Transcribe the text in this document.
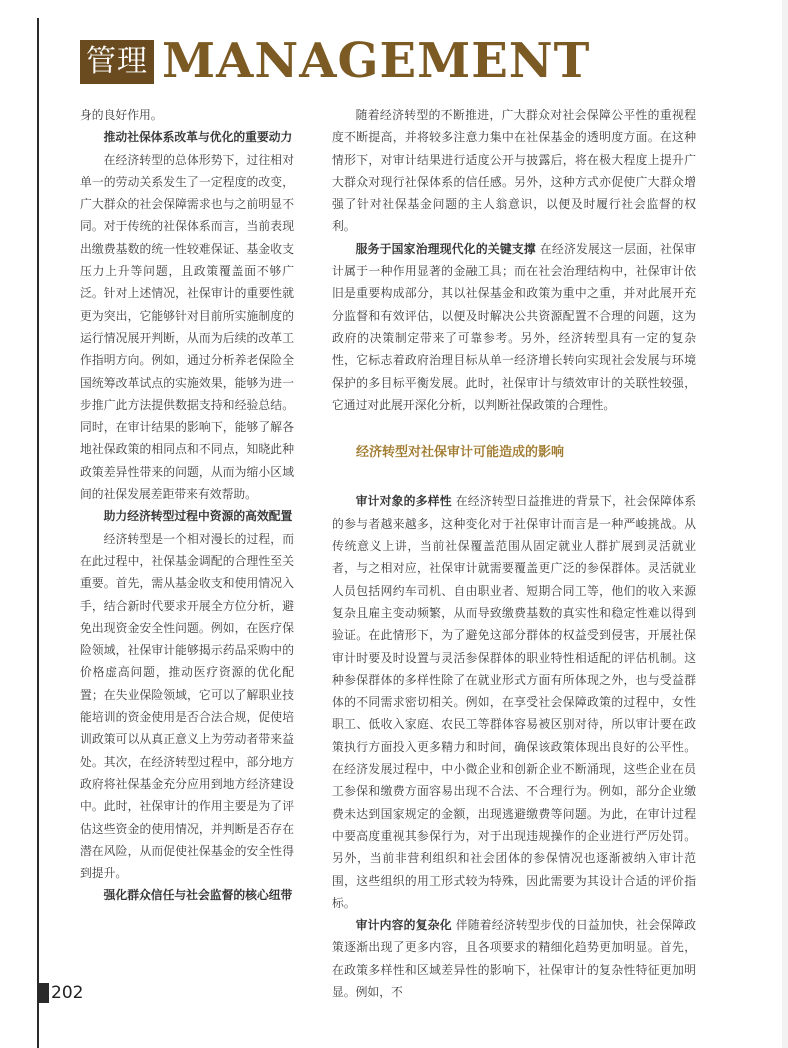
管理 MANAGEMENT

身的良好作用。

推动社保体系改革与优化的重要动力

在经济转型的总体形势下，过往相对单一的劳动关系发生了一定程度的改变，广大群众的社会保障需求也与之前明显不同。对于传统的社保体系而言，当前表现出缴费基数的统一性较难保证、基金收支压力上升等问题，且政策覆盖面不够广泛。针对上述情况，社保审计的重要性就更为突出，它能够针对目前所实施制度的运行情况展开判断，从而为后续的改革工作指明方向。例如，通过分析养老保险全国统筹改革试点的实施效果，能够为进一步推广此方法提供数据支持和经验总结。同时，在审计结果的影响下，能够了解各地社保政策的相同点和不同点，知晓此种政策差异性带来的问题，从而为缩小区域间的社保发展差距带来有效帮助。

助力经济转型过程中资源的高效配置

经济转型是一个相对漫长的过程，而在此过程中，社保基金调配的合理性至关重要。首先，需从基金收支和使用情况入手，结合新时代要求开展全方位分析，避免出现资金安全性问题。例如，在医疗保险领域，社保审计能够揭示药品采购中的价格虚高问题，推动医疗资源的优化配置；在失业保险领域，它可以了解职业技能培训的资金使用是否合法合规，促使培训政策可以从真正意义上为劳动者带来益处。其次，在经济转型过程中，部分地方政府将社保基金充分应用到地方经济建设中。此时，社保审计的作用主要是为了评估这些资金的使用情况，并判断是否存在潜在风险，从而促使社保基金的安全性得到提升。

强化群众信任与社会监督的核心纽带

随着经济转型的不断推进，广大群众对社会保障公平性的重视程度不断提高，并将较多注意力集中在社保基金的透明度方面。在这种情形下，对审计结果进行适度公开与披露后，将在极大程度上提升广大群众对现行社保体系的信任感。另外，这种方式亦促使广大群众增强了针对社保基金问题的主人翁意识，以便及时履行社会监督的权利。

服务于国家治理现代化的关键支撑 在经济发展这一层面，社保审计属于一种作用显著的金融工具；而在社会治理结构中，社保审计依旧是重要构成部分，其以社保基金和政策为重中之重，并对此展开充分监督和有效评估，以便及时解决公共资源配置不合理的问题，这为政府的决策制定带来了可靠参考。另外，经济转型具有一定的复杂性，它标志着政府治理目标从单一经济增长转向实现社会发展与环境保护的多目标平衡发展。此时，社保审计与绩效审计的关联性较强，它通过对此展开深化分析，以判断社保政策的合理性。

经济转型对社保审计可能造成的影响

审计对象的多样性 在经济转型日益推进的背景下，社会保障体系的参与者越来越多，这种变化对于社保审计而言是一种严峻挑战。从传统意义上讲，当前社保覆盖范围从固定就业人群扩展到灵活就业者，与之相对应，社保审计就需要覆盖更广泛的参保群体。灵活就业人员包括网约车司机、自由职业者、短期合同工等，他们的收入来源复杂且雇主变动频繁，从而导致缴费基数的真实性和稳定性难以得到验证。在此情形下，为了避免这部分群体的权益受到侵害，开展社保审计时要及时设置与灵活参保群体的职业特性相适配的评估机制。这种参保群体的多样性除了在就业形式方面有所体现之外，也与受益群体的不同需求密切相关。例如，在享受社会保障政策的过程中，女性职工、低收入家庭、农民工等群体容易被区别对待，所以审计要在政策执行方面投入更多精力和时间，确保该政策体现出良好的公平性。在经济发展过程中，中小微企业和创新企业不断涌现，这些企业在员工参保和缴费方面容易出现不合法、不合理行为。例如，部分企业缴费未达到国家规定的金额，出现逃避缴费等问题。为此，在审计过程中要高度重视其参保行为，对于出现违规操作的企业进行严厉处罚。另外，当前非营利组织和社会团体的参保情况也逐渐被纳入审计范围，这些组织的用工形式较为特殊，因此需要为其设计合适的评价指标。

审计内容的复杂化 伴随着经济转型步伐的日益加快，社会保障政策逐渐出现了更多内容，且各项要求的精细化趋势更加明显。首先，在政策多样性和区域差异性的影响下，社保审计的复杂性特征更加明显。例如，不

202
